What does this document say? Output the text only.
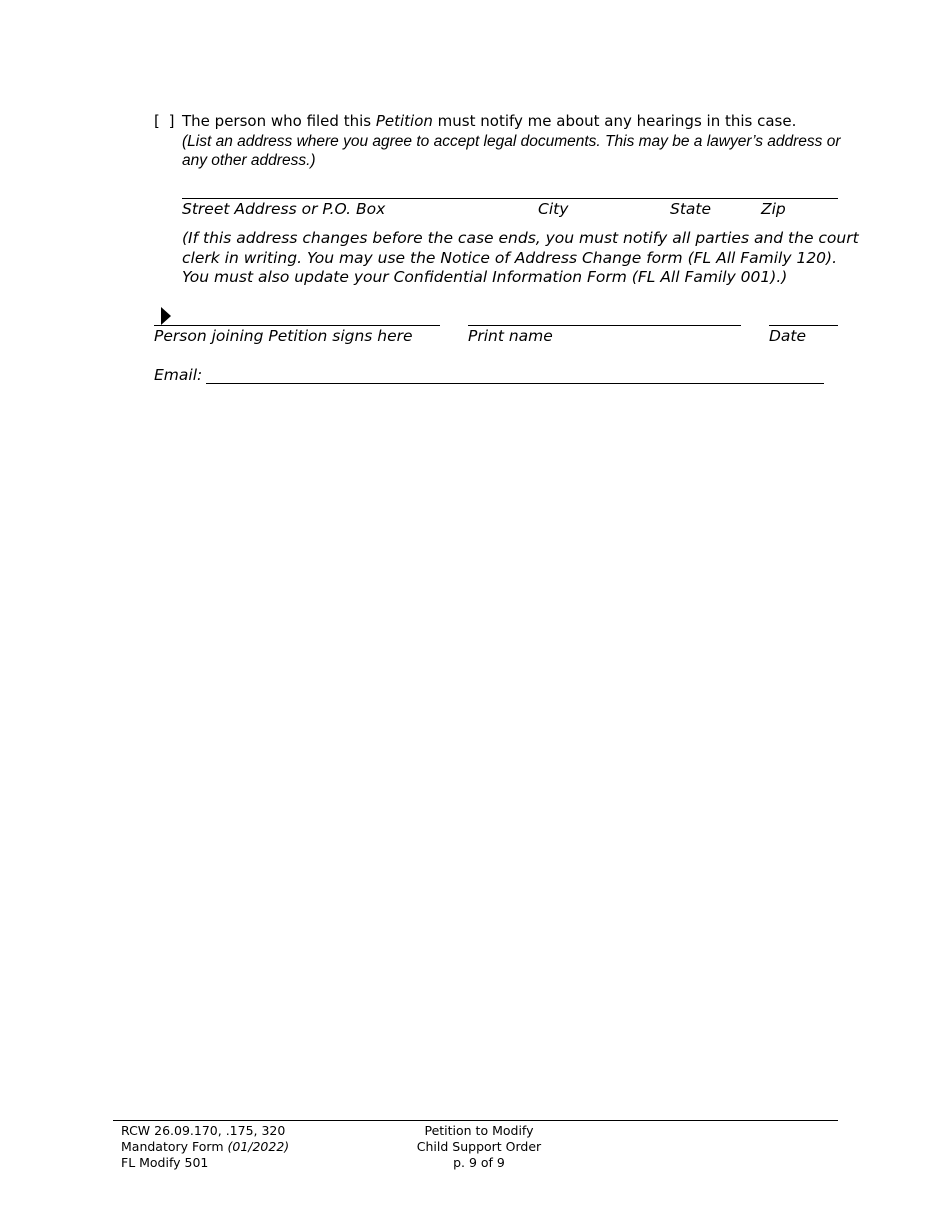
[ ] The person who filed this Petition must notify me about any hearings in this case.
(List an address where you agree to accept legal documents. This may be a lawyer’s address or any other address.)
Street Address or P.O. Box	City	State	Zip
(If this address changes before the case ends, you must notify all parties and the court clerk in writing. You may use the Notice of Address Change form (FL All Family 120). You must also update your Confidential Information Form (FL All Family 001).)
Person joining Petition signs here	Print name	Date
Email:
RCW 26.09.170, .175, 320
Mandatory Form (01/2022)
FL Modify 501
Petition to Modify
Child Support Order
p. 9 of 9
